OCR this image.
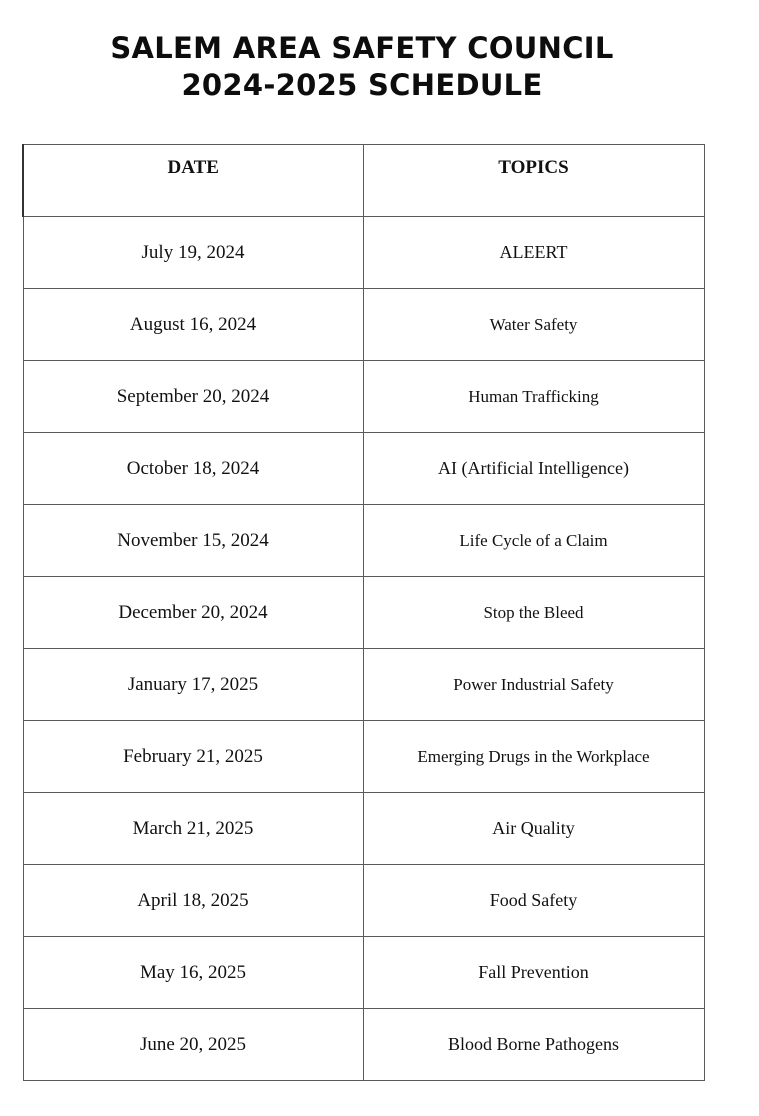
SALEM AREA SAFETY COUNCIL
2024-2025 SCHEDULE
DATE	TOPICS
July 19, 2024	ALEERT
August 16, 2024	Water Safety
September 20, 2024	Human Trafficking
October 18, 2024	AI (Artificial Intelligence)
November 15, 2024	Life Cycle of a Claim
December 20, 2024	Stop the Bleed
January 17, 2025	Power Industrial Safety
February 21, 2025	Emerging Drugs in the Workplace
March 21, 2025	Air Quality
April 18, 2025	Food Safety
May 16, 2025	Fall Prevention
June 20, 2025	Blood Borne Pathogens
